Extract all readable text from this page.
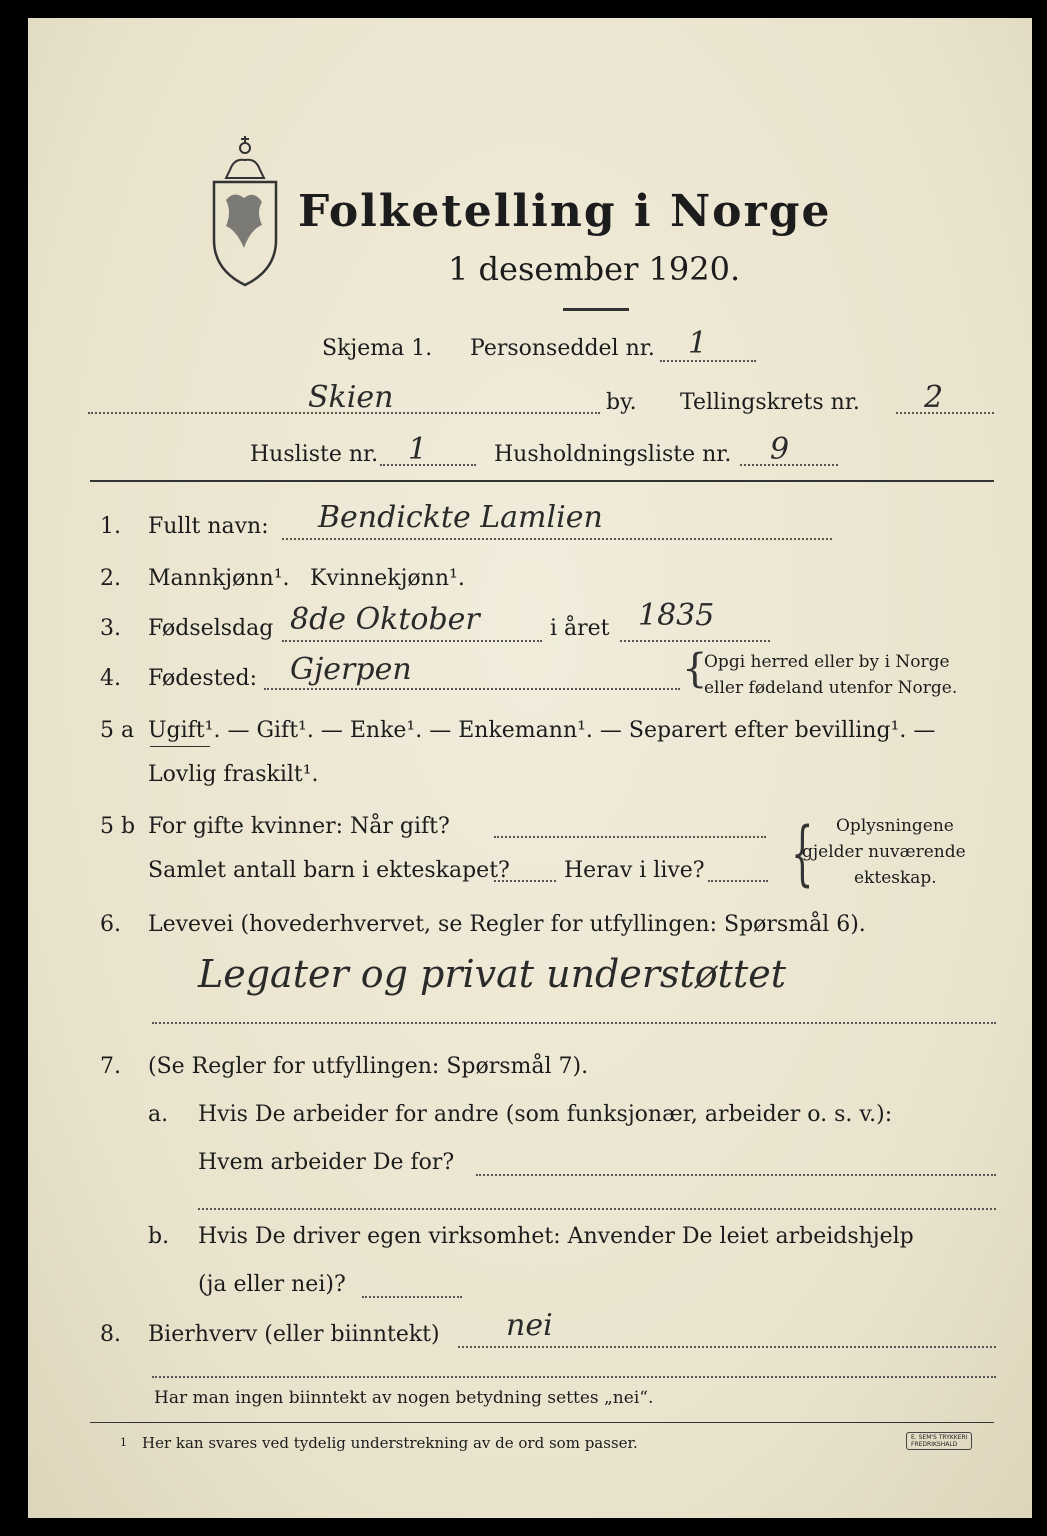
Folketelling i Norge
1 desember 1920.
Skjema 1. Personseddel nr. 1
Skien	by. Tellingskrets nr. 2
Husliste nr. 1	Husholdningsliste nr. 9
1. Fullt navn: Bendickte Lamlien
2. Mannkjønn¹. Kvinnekjønn¹.
3. Fødselsdag 8de Oktober	i året 1835
4. Fødested: Gjerpen	{
Opgi herred eller by i Norge
eller fødeland utenfor Norge.
5 a Ugift¹. — Gift¹. — Enke¹. — Enkemann¹. — Separert efter bevilling¹. —
Lovlig fraskilt¹.
5 b For gifte kvinner: Når gift?
Samlet antall barn i ekteskapet? Herav i live? { Oplysningene
gjelder nuværende
ekteskap.
6. Levevei (hovederhvervet, se Regler for utfyllingen: Spørsmål 6).
Legater og privat understøttet
7. (Se Regler for utfyllingen: Spørsmål 7).
a. Hvis De arbeider for andre (som funksjonær, arbeider o. s. v.):
Hvem arbeider De for?
b. Hvis De driver egen virksomhet: Anvender De leiet arbeidshjelp
(ja eller nei)?
8. Bierhverv (eller biinntekt) nei
Har man ingen biinntekt av nogen betydning settes „nei“.
1 Her kan svares ved tydelig understrekning av de ord som passer.	E. SEM'S TRYKKERI
FREDRIKSHALD
